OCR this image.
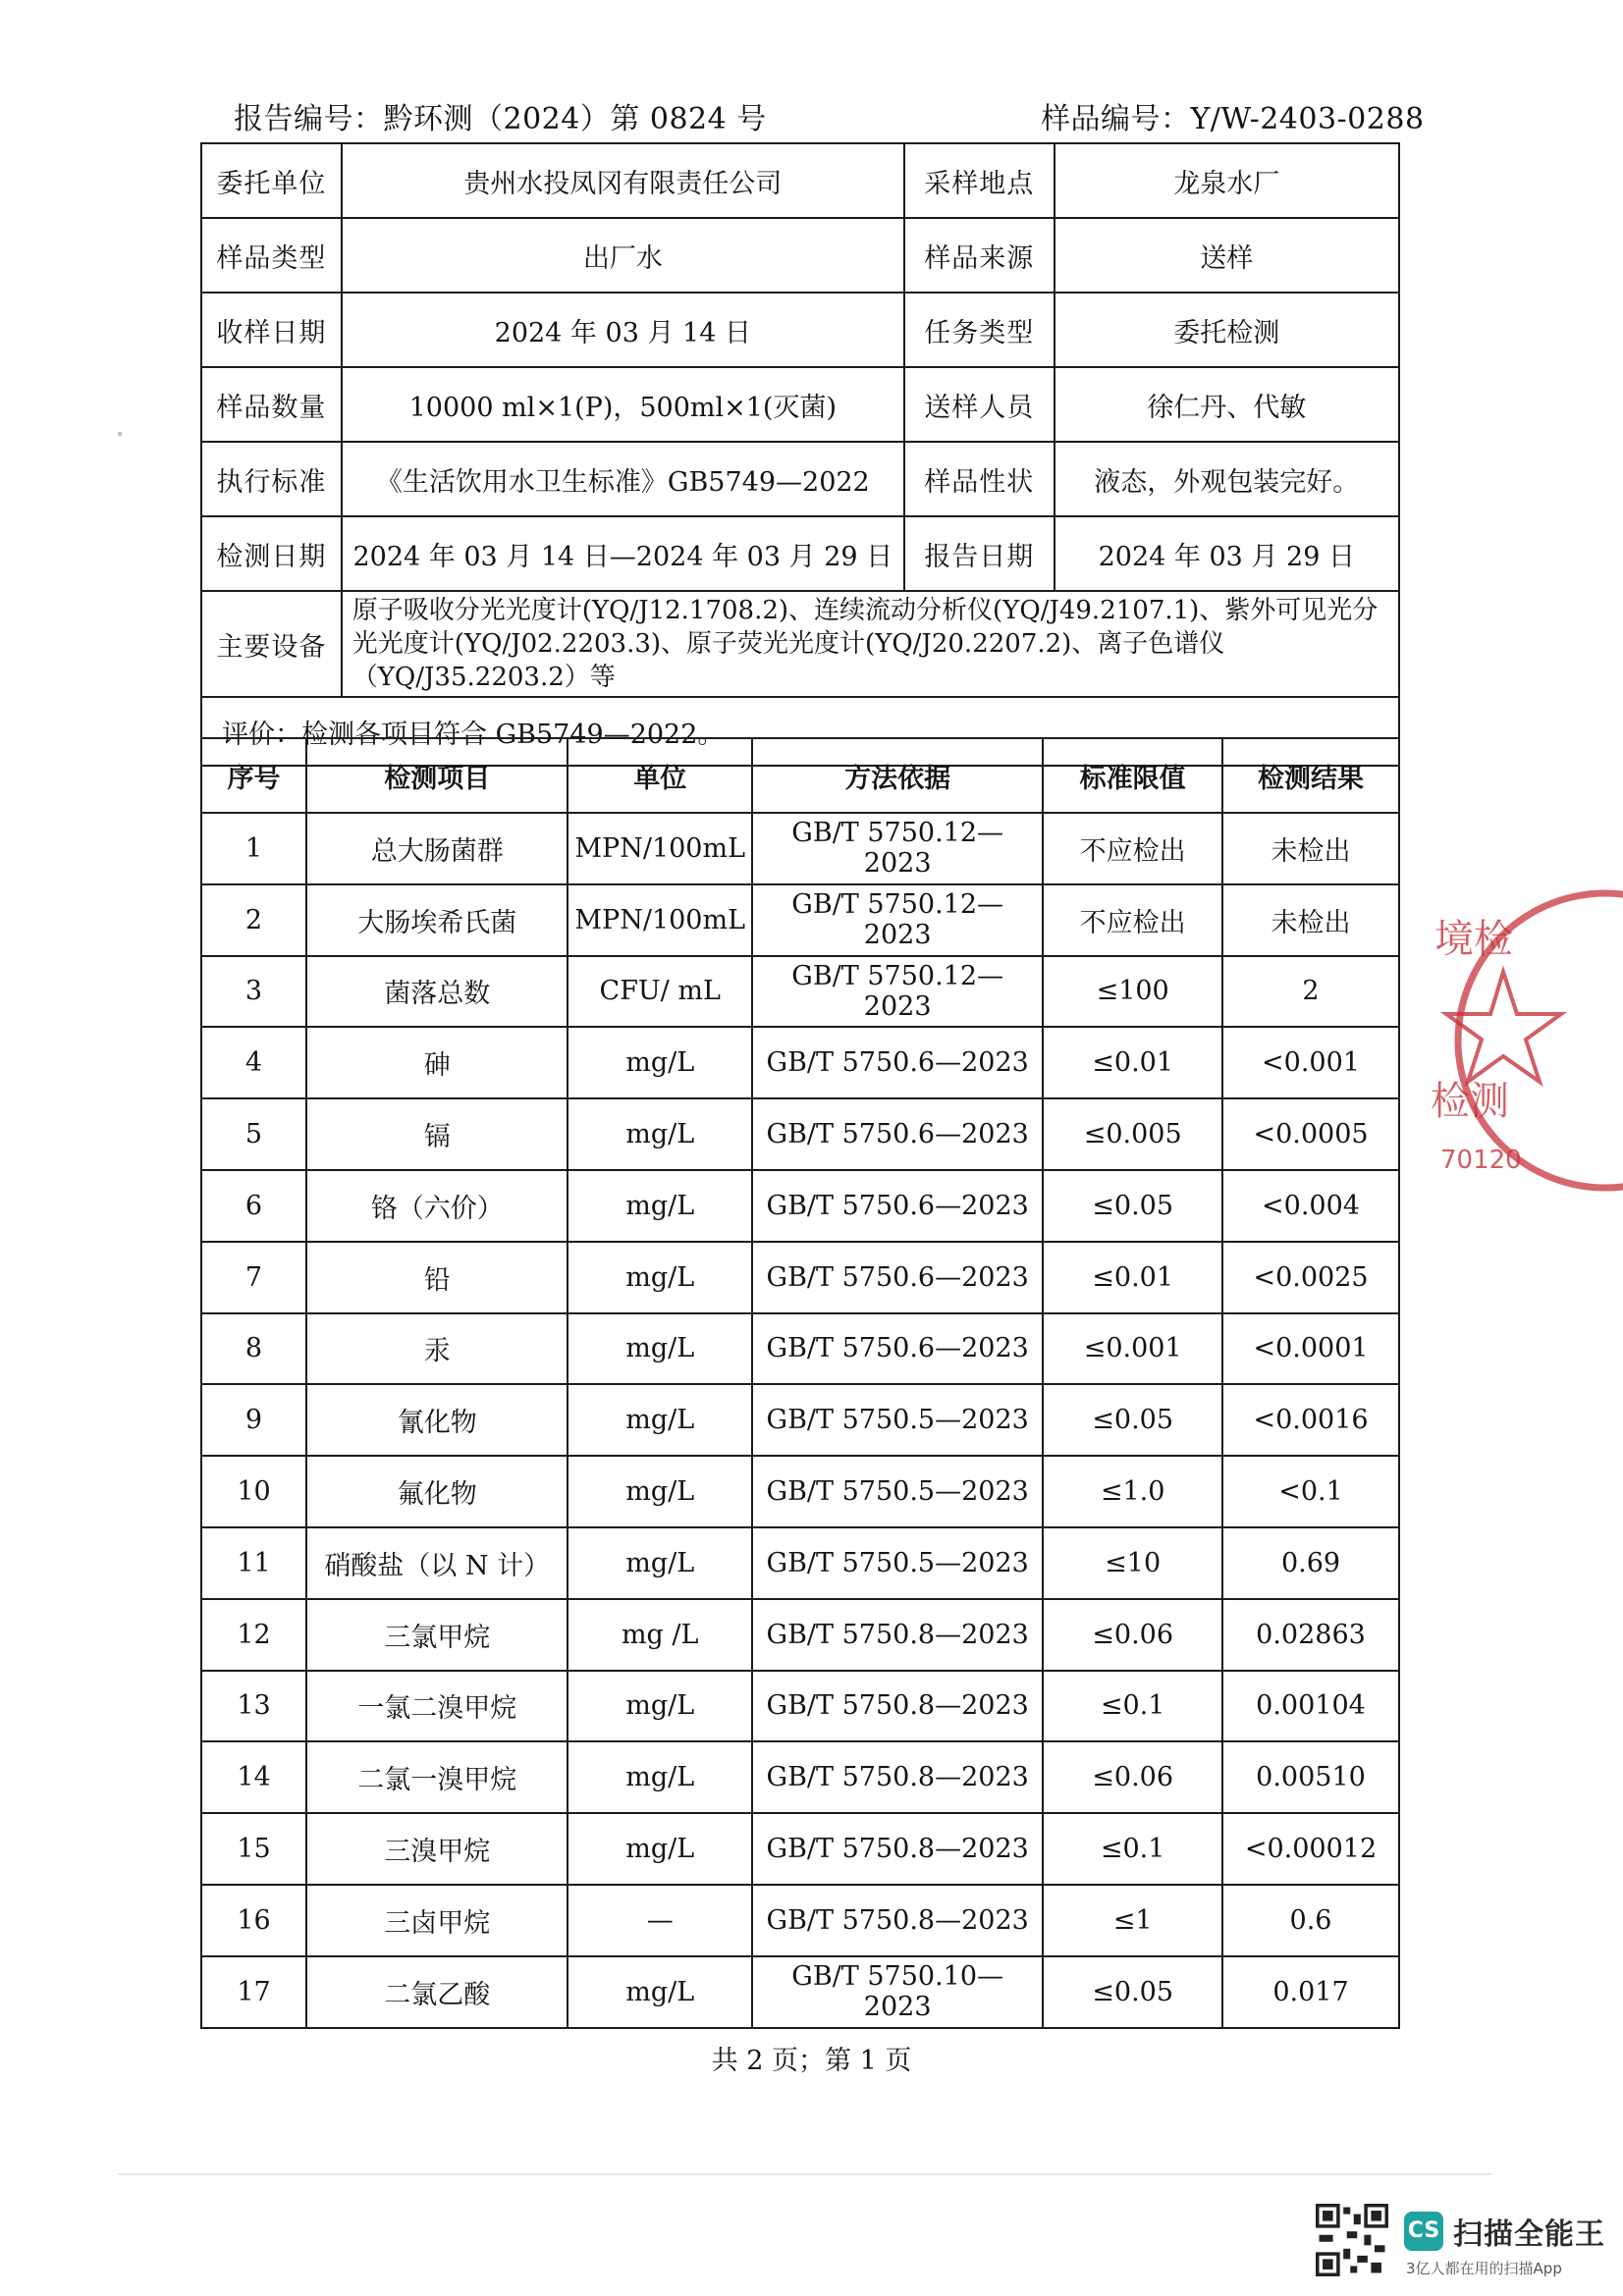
报告编号：黔环测（2024）第 0824 号	样品编号：Y/W-2403-0288
委托单位	贵州水投凤冈有限责任公司	采样地点	龙泉水厂
样品类型	出厂水	样品来源	送样
收样日期	2024 年 03 月 14 日	任务类型	委托检测
样品数量	10000 ml×1(P)，500ml×1(灭菌)	送样人员	徐仁丹、代敏
执行标准	《生活饮用水卫生标准》GB5749—2022	样品性状	液态，外观包装完好。
检测日期	2024 年 03 月 14 日—2024 年 03 月 29 日	报告日期	2024 年 03 月 29 日
主要设备	原子吸收分光光度计(YQ/J12.1708.2)、连续流动分析仪(YQ/J49.2107.1)、紫外可见光分光光度计(YQ/J02.2203.3)、原子荧光光度计(YQ/J20.2207.2)、离子色谱仪（YQ/J35.2203.2）等		
评价：检测各项目符合 GB5749—2022。			
序号	检测项目	单位	方法依据	标准限值	检测结果
1	总大肠菌群	MPN/100mL	GB/T 5750.12—2023	不应检出	未检出
2	大肠埃希氏菌	MPN/100mL	GB/T 5750.12—2023	不应检出	未检出
3	菌落总数	CFU/ mL	GB/T 5750.12—2023	≤100	2
4	砷	mg/L	GB/T 5750.6—2023	≤0.01	<0.001
5	镉	mg/L	GB/T 5750.6—2023	≤0.005	<0.0005
6	铬（六价）	mg/L	GB/T 5750.6—2023	≤0.05	<0.004
7	铅	mg/L	GB/T 5750.6—2023	≤0.01	<0.0025
8	汞	mg/L	GB/T 5750.6—2023	≤0.001	<0.0001
9	氰化物	mg/L	GB/T 5750.5—2023	≤0.05	<0.0016
10	氟化物	mg/L	GB/T 5750.5—2023	≤1.0	<0.1
11	硝酸盐（以 N 计）	mg/L	GB/T 5750.5—2023	≤10	0.69
12	三氯甲烷	mg /L	GB/T 5750.8—2023	≤0.06	0.02863
13	一氯二溴甲烷	mg/L	GB/T 5750.8—2023	≤0.1	0.00104
14	二氯一溴甲烷	mg/L	GB/T 5750.8—2023	≤0.06	0.00510
15	三溴甲烷	mg/L	GB/T 5750.8—2023	≤0.1	<0.00012
16	三卤甲烷	—	GB/T 5750.8—2023	≤1	0.6
17	二氯乙酸	mg/L	GB/T 5750.10—2023	≤0.05	0.017
共 2 页；第 1 页
境检
检测
70120
CS 扫描全能王
3亿人都在用的扫描App
